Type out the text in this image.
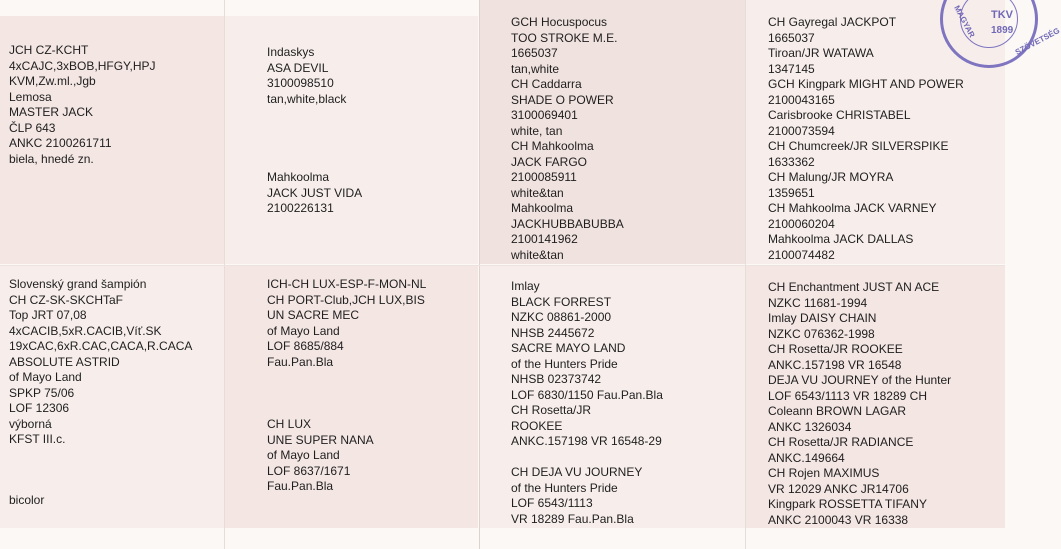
JCH CZ-KCHT
4xCAJC,3xBOB,HFGY,HPJ
KVM,Zw.ml.,Jgb
Lemosa
MASTER JACK
ČLP 643
ANKC 2100261711
biela, hnedé zn.
Slovenský grand šampión
CH CZ-SK-SKCHTaF
Top JRT 07,08
4xCACIB,5xR.CACIB,Víť.SK
19xCAC,6xR.CAC,CACA,R.CACA
ABSOLUTE ASTRID
of Mayo Land
SPKP 75/06
LOF 12306
výborná
KFST III.c.
bicolor
Indaskys
ASA DEVIL
3100098510
tan,white,black
Mahkoolma
JACK JUST VIDA
2100226131
ICH-CH LUX-ESP-F-MON-NL
CH PORT-Club,JCH LUX,BIS
UN SACRE MEC
of Mayo Land
LOF 8685/884
Fau.Pan.Bla
CH LUX
UNE SUPER NANA
of Mayo Land
LOF 8637/1671
Fau.Pan.Bla
GCH Hocuspocus
TOO STROKE M.E.
1665037
tan,white
CH Caddarra
SHADE O POWER
3100069401
white, tan
CH Mahkoolma
JACK FARGO
2100085911
white&tan
Mahkoolma
JACKHUBBABUBBA
2100141962
white&tan
Imlay
BLACK FORREST
NZKC 08861-2000
NHSB 2445672
SACRE MAYO LAND
of the Hunters Pride
NHSB 02373742
LOF 6830/1150 Fau.Pan.Bla
CH Rosetta/JR
ROOKEE
ANKC.157198 VR 16548-29
CH DEJA VU JOURNEY
of the Hunters Pride
LOF 6543/1113
VR 18289 Fau.Pan.Bla
CH Gayregal JACKPOT
1665037
Tiroan/JR WATAWA
1347145
GCH Kingpark MIGHT AND POWER
2100043165
Carisbrooke CHRISTABEL
2100073594
CH Chumcreek/JR SILVERSPIKE
1633362
CH Malung/JR MOYRA
1359651
CH Mahkoolma JACK VARNEY
2100060204
Mahkoolma JACK DALLAS
2100074482
CH Enchantment JUST AN ACE
NZKC 11681-1994
Imlay DAISY CHAIN
NZKC 076362-1998
CH Rosetta/JR ROOKEE
ANKC.157198 VR 16548
DEJA VU JOURNEY of the Hunter
LOF 6543/1113 VR 18289 CH
Coleann BROWN LAGAR
ANKC 1326034
CH Rosetta/JR RADIANCE
ANKC.149664
CH Rojen MAXIMUS
VR 12029 ANKC JR14706
Kingpark ROSSETTA TIFANY
ANKC 2100043 VR 16338
TKV
1899
MAGYAR
SZÖVETSÉG
